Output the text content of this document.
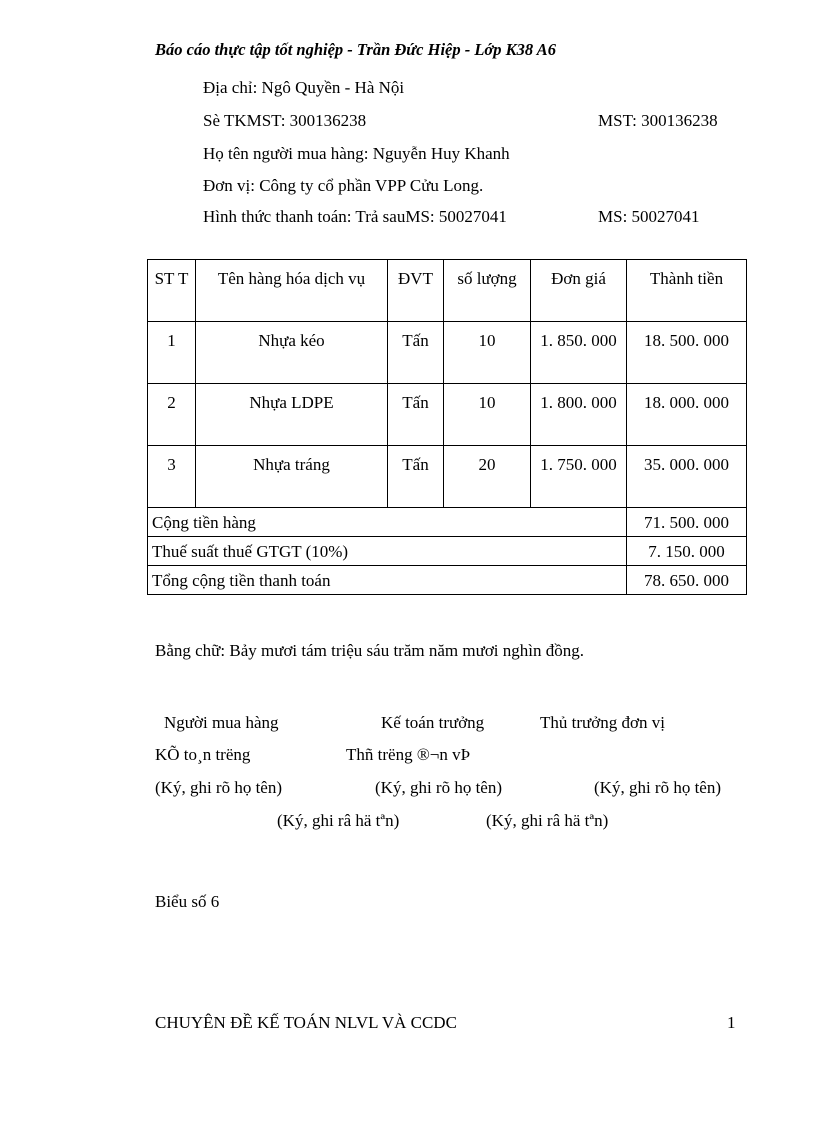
Báo cáo thực tập tốt nghiệp - Trần Đức Hiệp - Lớp K38 A6
Địa chỉ: Ngô Quyền - Hà Nội
Sè TKMST: 300136238	MST: 300136238
Họ tên người mua hàng: Nguyễn Huy Khanh
Đơn vị: Công ty cổ phần VPP Cửu Long.
Hình thức thanh toán: Trả sauMS: 50027041	MS: 50027041
ST T	Tên hàng hóa dịch vụ	ĐVT	số lượng	Đơn giá	Thành tiền
1	Nhựa kéo	Tấn	10	1. 850. 000	18. 500. 000
2	Nhựa LDPE	Tấn	10	1. 800. 000	18. 000. 000
3	Nhựa tráng	Tấn	20	1. 750. 000	35. 000. 000
Cộng tiền hàng					71. 500. 000
Thuế suất thuế GTGT (10%)					7. 150. 000
Tổng cộng tiền thanh toán					78. 650. 000
Bằng chữ: Bảy mươi tám triệu sáu trăm năm mươi nghìn đồng.
Người mua hàng	Kế toán trưởng	Thủ trưởng đơn vị
KÕ to¸n trëng	Thñ trëng ®¬n vÞ
(Ký, ghi rõ họ tên)	(Ký, ghi rõ họ tên)	(Ký, ghi rõ họ tên)
(Ký, ghi râ hä tªn)	(Ký, ghi râ hä tªn)
Biểu số 6
CHUYÊN ĐỀ KẾ TOÁN NLVL VÀ CCDC	1
